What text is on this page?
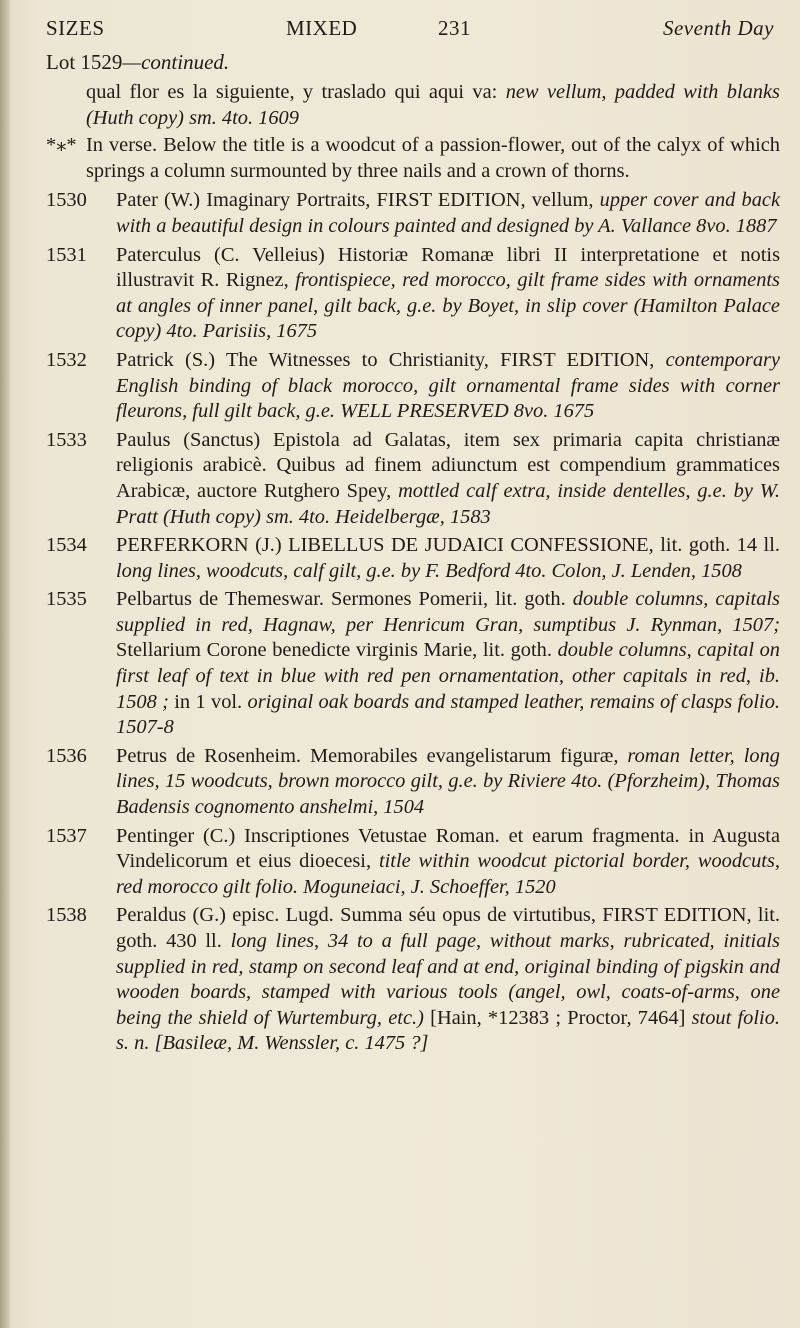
SIZES	MIXED	231	Seventh Day
Lot 1529—continued.
qual flor es la siguiente, y traslado qui aqui va: new vellum, padded with blanks (Huth copy) sm. 4to. 1609
*⁎* In verse. Below the title is a woodcut of a passion-flower, out of the calyx of which springs a column surmounted by three nails and a crown of thorns.
1530	Pater (W.) Imaginary Portraits, FIRST EDITION, vellum, upper cover and back with a beautiful design in colours painted and designed by A. Vallance 8vo. 1887
1531	Paterculus (C. Velleius) Historiæ Romanæ libri II interpretatione et notis illustravit R. Rignez, frontispiece, red morocco, gilt frame sides with ornaments at angles of inner panel, gilt back, g.e. by Boyet, in slip cover (Hamilton Palace copy) 4to. Parisiis, 1675
1532	Patrick (S.) The Witnesses to Christianity, FIRST EDITION, contemporary English binding of black morocco, gilt ornamental frame sides with corner fleurons, full gilt back, g.e. WELL PRESERVED 8vo. 1675
1533	Paulus (Sanctus) Epistola ad Galatas, item sex primaria capita christianæ religionis arabicè. Quibus ad finem adiunctum est compendium grammatices Arabicæ, auctore Rutghero Spey, mottled calf extra, inside dentelles, g.e. by W. Pratt (Huth copy) sm. 4to. Heidelbergæ, 1583
1534	PERFERKORN (J.) LIBELLUS DE JUDAICI CONFESSIONE, lit. goth. 14 ll. long lines, woodcuts, calf gilt, g.e. by F. Bedford 4to. Colon, J. Lenden, 1508
1535	Pelbartus de Themeswar. Sermones Pomerii, lit. goth. double columns, capitals supplied in red, Hagnaw, per Henricum Gran, sumptibus J. Rynman, 1507; Stellarium Corone benedicte virginis Marie, lit. goth. double columns, capital on first leaf of text in blue with red pen ornamentation, other capitals in red, ib. 1508 ; in 1 vol. original oak boards and stamped leather, remains of clasps folio. 1507-8
1536	Petrus de Rosenheim. Memorabiles evangelistarum figuræ, roman letter, long lines, 15 woodcuts, brown morocco gilt, g.e. by Riviere 4to. (Pforzheim), Thomas Badensis cognomento anshelmi, 1504
1537	Pentinger (C.) Inscriptiones Vetustae Roman. et earum fragmenta. in Augusta Vindelicorum et eius dioecesi, title within woodcut pictorial border, woodcuts, red morocco gilt folio. Moguneiaci, J. Schoeffer, 1520
1538	Peraldus (G.) episc. Lugd. Summa séu opus de virtutibus, FIRST EDITION, lit. goth. 430 ll. long lines, 34 to a full page, without marks, rubricated, initials supplied in red, stamp on second leaf and at end, original binding of pigskin and wooden boards, stamped with various tools (angel, owl, coats-of-arms, one being the shield of Wurtemburg, etc.) [Hain, *12383 ; Proctor, 7464] stout folio. s. n. [Basileæ, M. Wenssler, c. 1475 ?]
